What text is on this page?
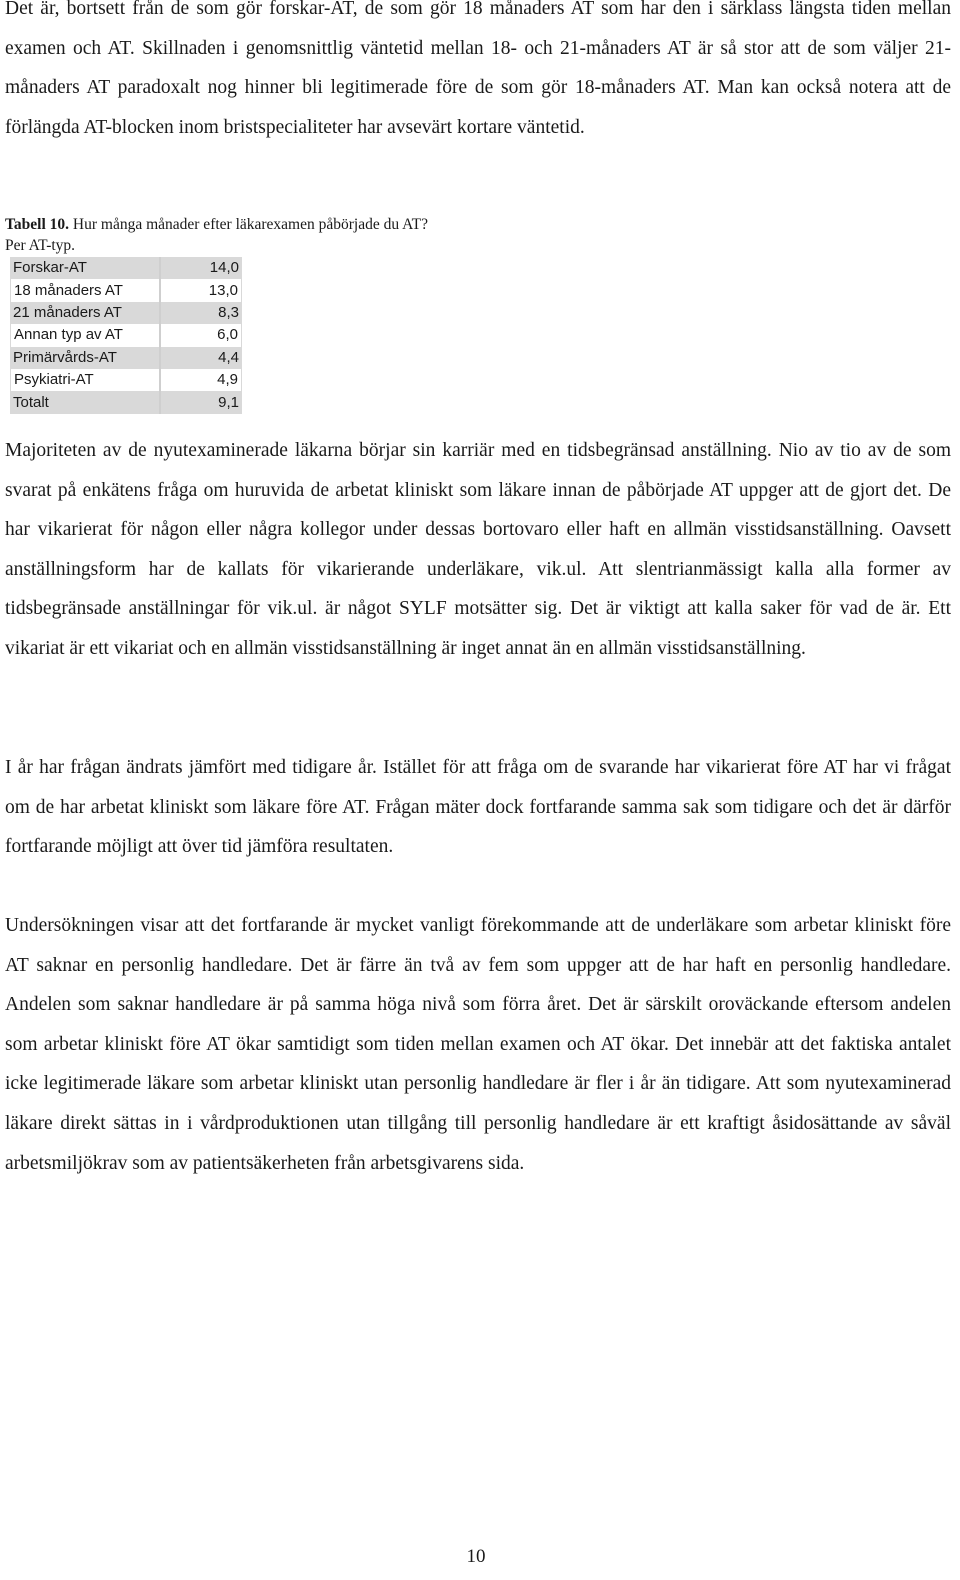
Det är, bortsett från de som gör forskar-AT, de som gör 18 månaders AT som har den i särklass längsta tiden mellan examen och AT. Skillnaden i genomsnittlig väntetid mellan 18- och 21-månaders AT är så stor att de som väljer 21-månaders AT paradoxalt nog hinner bli legitimerade före de som gör 18-månaders AT. Man kan också notera att de förlängda AT-blocken inom bristspecialiteter har avsevärt kortare väntetid.

Tabell 10. Hur många månader efter läkarexamen påbörjade du AT?
Per AT-typ.
Forskar-AT	14,0
18 månaders AT	13,0
21 månaders AT	8,3
Annan typ av AT	6,0
Primärvårds-AT	4,4
Psykiatri-AT	4,9
Totalt	9,1

Majoriteten av de nyutexaminerade läkarna börjar sin karriär med en tidsbegränsad anställning. Nio av tio av de som svarat på enkätens fråga om huruvida de arbetat kliniskt som läkare innan de påbörjade AT uppger att de gjort det. De har vikarierat för någon eller några kollegor under dessas bortovaro eller haft en allmän visstidsanställning. Oavsett anställningsform har de kallats för vikarierande underläkare, vik.ul. Att slentrianmässigt kalla alla former av tidsbegränsade anställningar för vik.ul. är något SYLF motsätter sig. Det är viktigt att kalla saker för vad de är. Ett vikariat är ett vikariat och en allmän visstidsanställning är inget annat än en allmän visstidsanställning.

I år har frågan ändrats jämfört med tidigare år. Istället för att fråga om de svarande har vikarierat före AT har vi frågat om de har arbetat kliniskt som läkare före AT. Frågan mäter dock fortfarande samma sak som tidigare och det är därför fortfarande möjligt att över tid jämföra resultaten.

Undersökningen visar att det fortfarande är mycket vanligt förekommande att de underläkare som arbetar kliniskt före AT saknar en personlig handledare. Det är färre än två av fem som uppger att de har haft en personlig handledare. Andelen som saknar handledare är på samma höga nivå som förra året. Det är särskilt oroväckande eftersom andelen som arbetar kliniskt före AT ökar samtidigt som tiden mellan examen och AT ökar. Det innebär att det faktiska antalet icke legitimerade läkare som arbetar kliniskt utan personlig handledare är fler i år än tidigare. Att som nyutexaminerad läkare direkt sättas in i vårdproduktionen utan tillgång till personlig handledare är ett kraftigt åsidosättande av såväl arbetsmiljökrav som av patientsäkerheten från arbetsgivarens sida.

10
